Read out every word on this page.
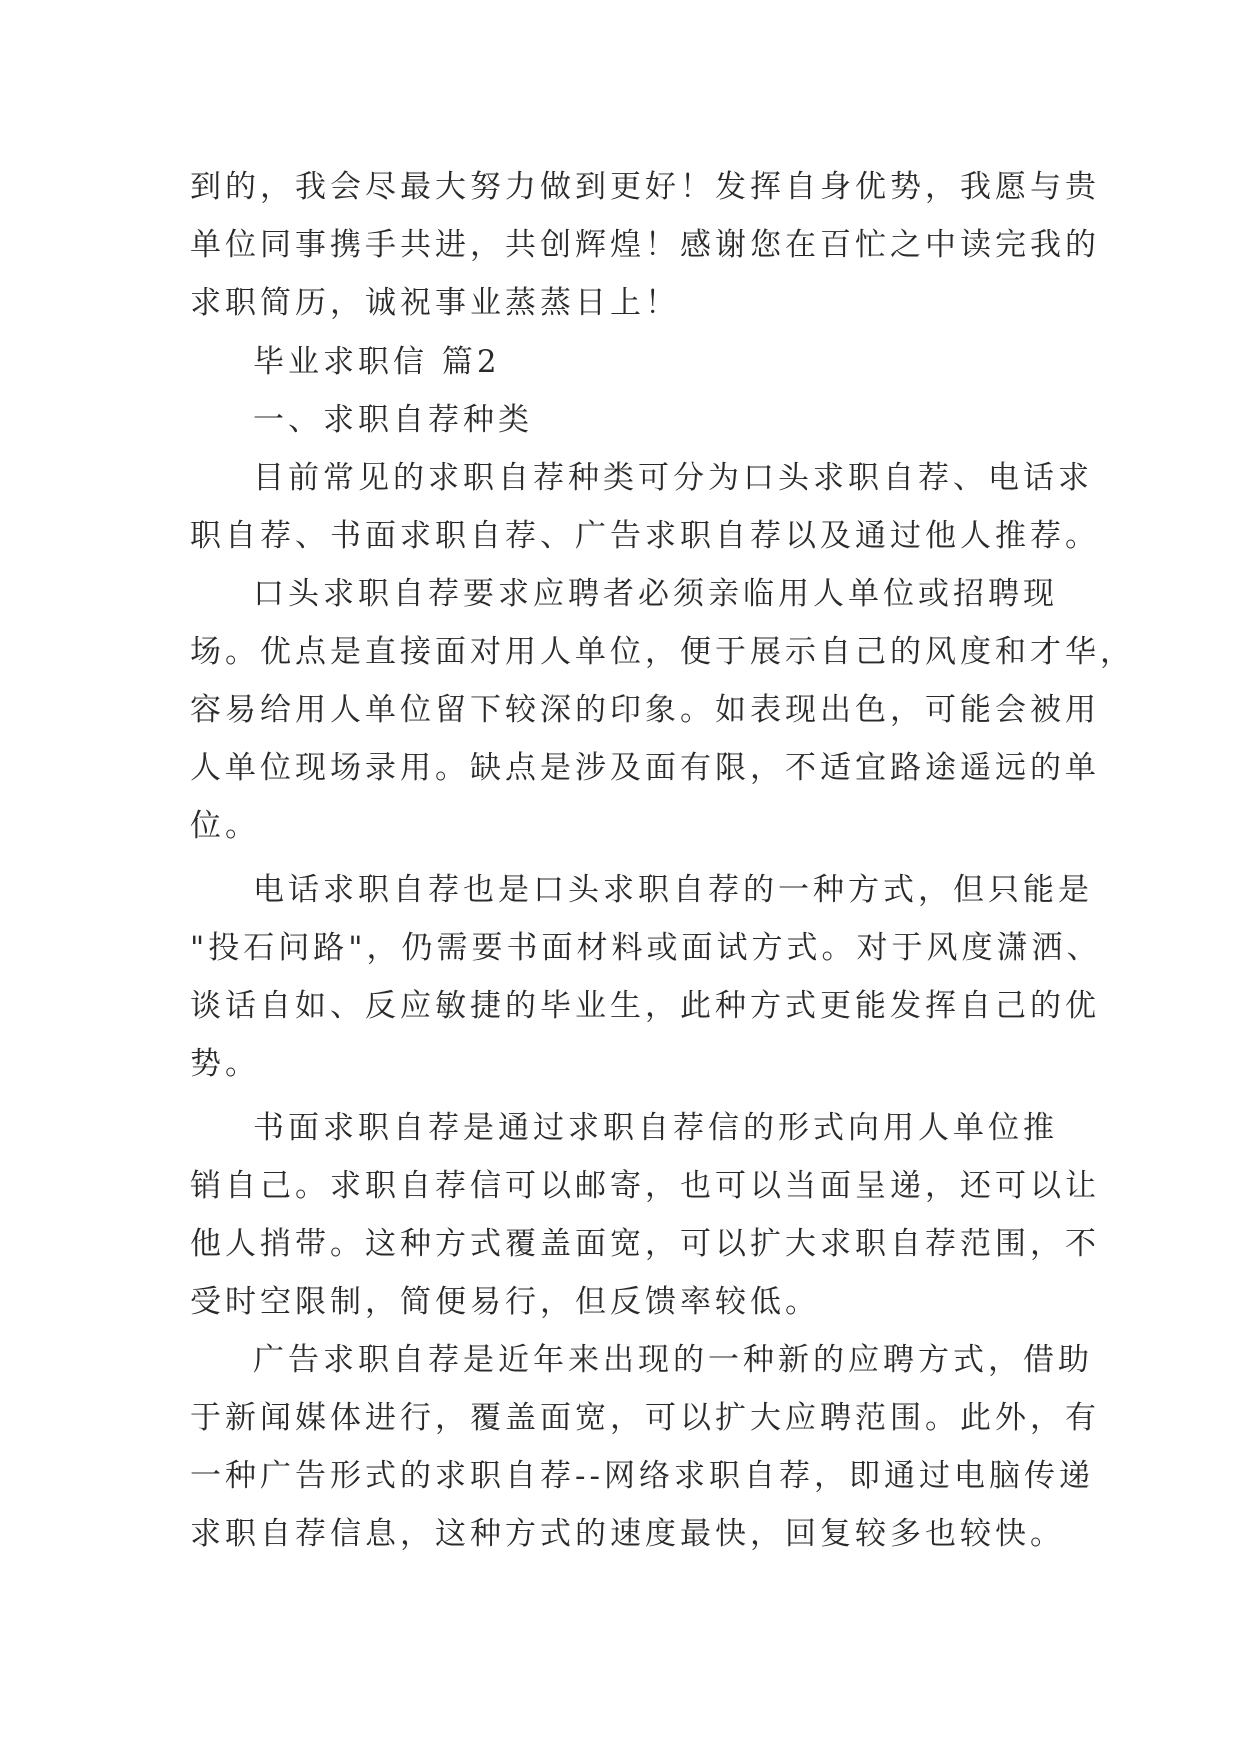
到的，我会尽最大努力做到更好！发挥自身优势，我愿与贵
单位同事携手共进，共创辉煌！感谢您在百忙之中读完我的
求职简历，诚祝事业蒸蒸日上！
毕业求职信 篇2
一、求职自荐种类
目前常见的求职自荐种类可分为口头求职自荐、电话求
职自荐、书面求职自荐、广告求职自荐以及通过他人推荐。
口头求职自荐要求应聘者必须亲临用人单位或招聘现
场。优点是直接面对用人单位，便于展示自己的风度和才华，
容易给用人单位留下较深的印象。如表现出色，可能会被用
人单位现场录用。缺点是涉及面有限，不适宜路途遥远的单
位。
电话求职自荐也是口头求职自荐的一种方式，但只能是
"投石问路"，仍需要书面材料或面试方式。对于风度潇洒、
谈话自如、反应敏捷的毕业生，此种方式更能发挥自己的优
势。
书面求职自荐是通过求职自荐信的形式向用人单位推
销自己。求职自荐信可以邮寄，也可以当面呈递，还可以让
他人捎带。这种方式覆盖面宽，可以扩大求职自荐范围，不
受时空限制，简便易行，但反馈率较低。
广告求职自荐是近年来出现的一种新的应聘方式，借助
于新闻媒体进行，覆盖面宽，可以扩大应聘范围。此外，有
一种广告形式的求职自荐--网络求职自荐，即通过电脑传递
求职自荐信息，这种方式的速度最快，回复较多也较快。
